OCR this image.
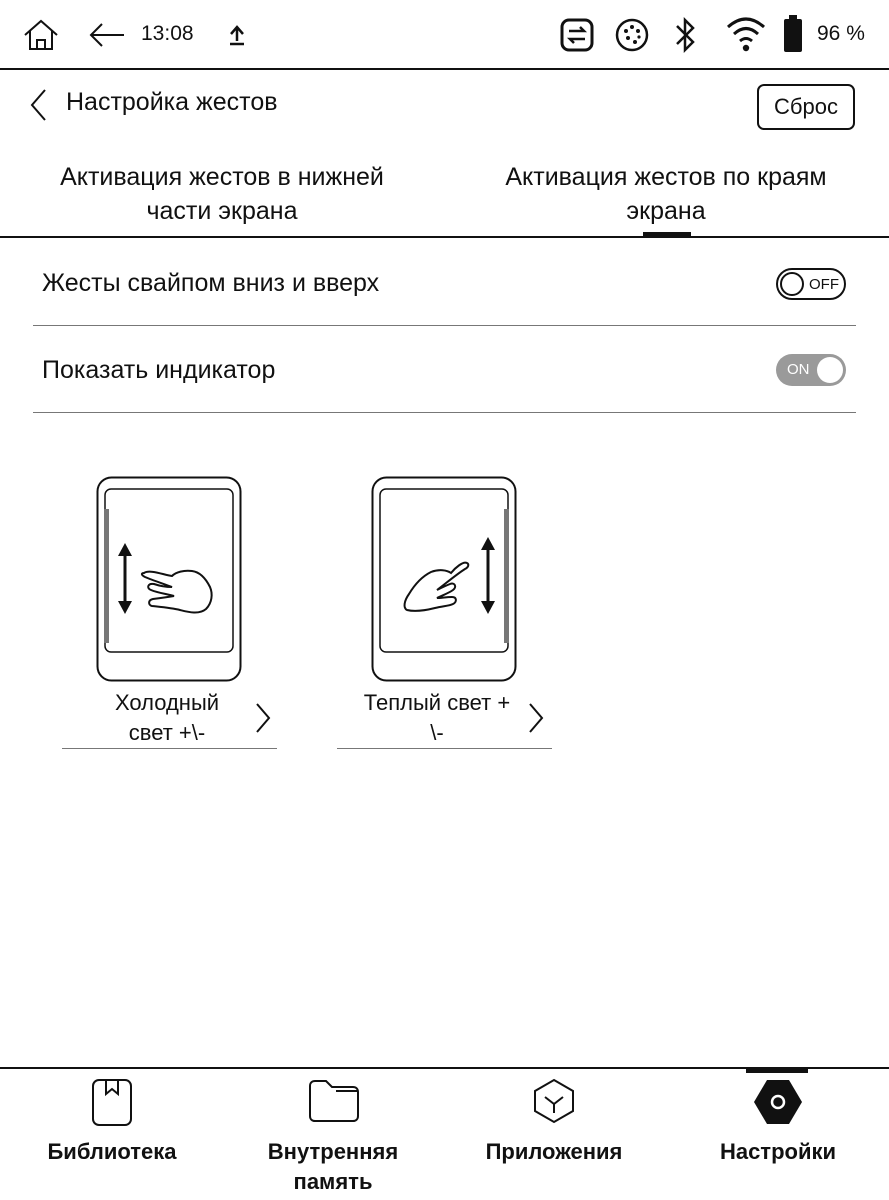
13:08	96 %
Настройка жестов	Сброс
Активация жестов в нижней
части экрана
Активация жестов по краям
экрана
Жесты свайпом вниз и вверх	OFF
Показать индикатор	ON
Холодный
свет +\-
Теплый свет +
\-
Библиотека	Внутренняя
память
Приложения	Настройки
